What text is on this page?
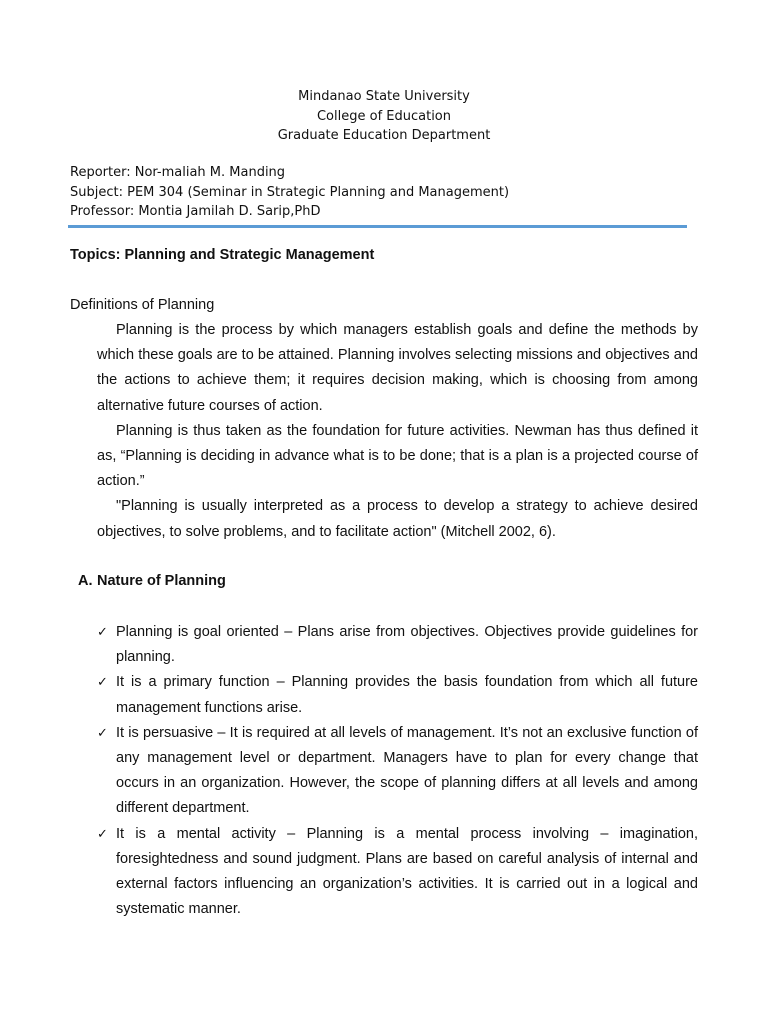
Mindanao State University
College of Education
Graduate Education Department
Reporter: Nor-maliah M. Manding
Subject: PEM 304 (Seminar in Strategic Planning and Management)
Professor: Montia Jamilah D. Sarip,PhD
Topics: Planning and Strategic Management
Definitions of Planning

Planning is the process by which managers establish goals and define the methods by which these goals are to be attained. Planning involves selecting missions and objectives and the actions to achieve them; it requires decision making, which is choosing from among alternative future courses of action.

Planning is thus taken as the foundation for future activities. Newman has thus defined it as, “Planning is deciding in advance what is to be done; that is a plan is a projected course of action.”

"Planning is usually interpreted as a process to develop a strategy to achieve desired objectives, to solve problems, and to facilitate action" (Mitchell 2002, 6).

A. Nature of Planning
✓ Planning is goal oriented – Plans arise from objectives. Objectives provide guidelines for planning.
✓ It is a primary function – Planning provides the basis foundation from which all future management functions arise.
✓ It is persuasive – It is required at all levels of management. It’s not an exclusive function of any management level or department. Managers have to plan for every change that occurs in an organization. However, the scope of planning differs at all levels and among different department.
✓ It is a mental activity – Planning is a mental process involving – imagination, foresightedness and sound judgment. Plans are based on careful analysis of internal and external factors influencing an organization’s activities. It is carried out in a logical and systematic manner.
